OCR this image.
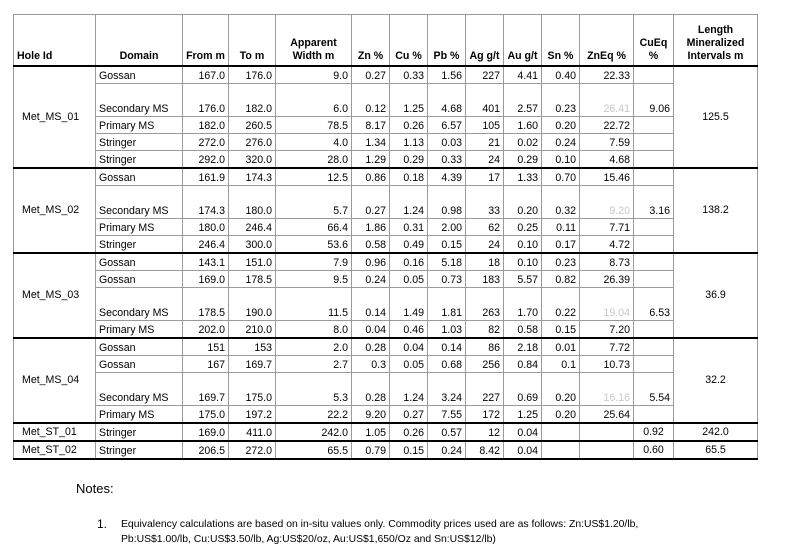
Hole Id	Domain	From m	To m	Apparent Width m	Zn %	Cu %	Pb %	Ag g/t	Au g/t	Sn %	ZnEq %	CuEq %	Length Mineralized Intervals m
Met_MS_01	Gossan	167.0	176.0	9.0	0.27	0.33	1.56	227	4.41	0.40	22.33		125.5
	Secondary MS	176.0	182.0	6.0	0.12	1.25	4.68	401	2.57	0.23	26.41	9.06	
	Primary MS	182.0	260.5	78.5	8.17	0.26	6.57	105	1.60	0.20	22.72		
	Stringer	272.0	276.0	4.0	1.34	1.13	0.03	21	0.02	0.24	7.59		
	Stringer	292.0	320.0	28.0	1.29	0.29	0.33	24	0.29	0.10	4.68		
Met_MS_02	Gossan	161.9	174.3	12.5	0.86	0.18	4.39	17	1.33	0.70	15.46		138.2
	Secondary MS	174.3	180.0	5.7	0.27	1.24	0.98	33	0.20	0.32	9.20	3.16	
	Primary MS	180.0	246.4	66.4	1.86	0.31	2.00	62	0.25	0.11	7.71		
	Stringer	246.4	300.0	53.6	0.58	0.49	0.15	24	0.10	0.17	4.72		
Met_MS_03	Gossan	143.1	151.0	7.9	0.96	0.16	5.18	18	0.10	0.23	8.73		36.9
	Gossan	169.0	178.5	9.5	0.24	0.05	0.73	183	5.57	0.82	26.39		
	Secondary MS	178.5	190.0	11.5	0.14	1.49	1.81	263	1.70	0.22	19.04	6.53	
	Primary MS	202.0	210.0	8.0	0.04	0.46	1.03	82	0.58	0.15	7.20		
Met_MS_04	Gossan	151	153	2.0	0.28	0.04	0.14	86	2.18	0.01	7.72		32.2
	Gossan	167	169.7	2.7	0.3	0.05	0.68	256	0.84	0.1	10.73		
	Secondary MS	169.7	175.0	5.3	0.28	1.24	3.24	227	0.69	0.20	16.16	5.54	
	Primary MS	175.0	197.2	22.2	9.20	0.27	7.55	172	1.25	0.20	25.64		
Met_ST_01	Stringer	169.0	411.0	242.0	1.05	0.26	0.57	12	0.04			0.92	242.0
Met_ST_02	Stringer	206.5	272.0	65.5	0.79	0.15	0.24	8.42	0.04			0.60	65.5
Notes:
1. Equivalency calculations are based on in-situ values only. Commodity prices used are as follows: Zn:US$1.20/lb, Pb:US$1.00/lb, Cu:US$3.50/lb, Ag:US$20/oz, Au:US$1,650/Oz and Sn:US$12/lb)
